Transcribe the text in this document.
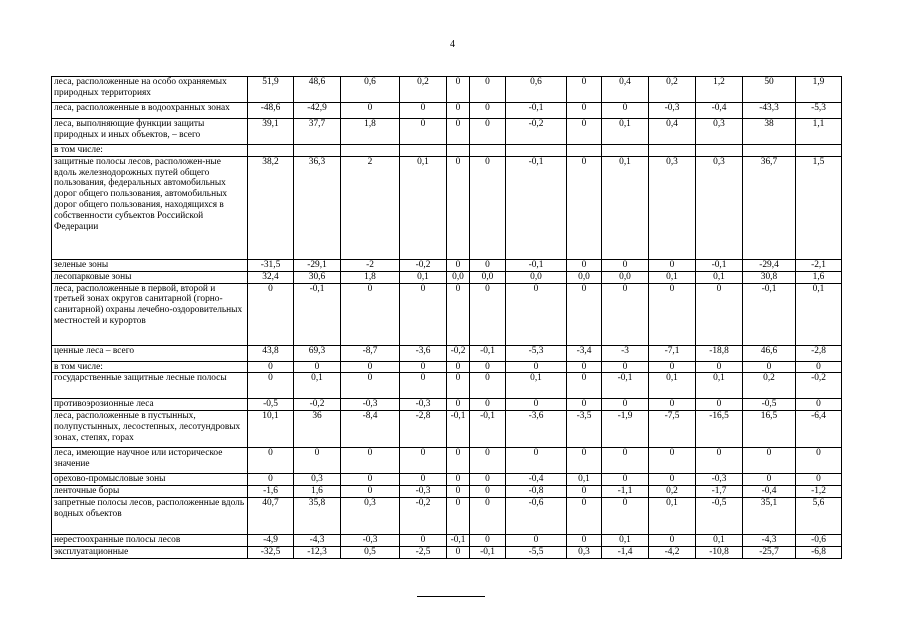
4
леса, расположенные на особо охраняемых природных территориях	51,9	48,6	0,6	0,2	0	0	0,6	0	0,4	0,2	1,2	50	1,9
леса, расположенные в водоохранных зонах	-48,6	-42,9	0	0	0	0	-0,1	0	0	-0,3	-0,4	-43,3	-5,3
леса, выполняющие функции защиты природных и иных объектов, – всего	39,1	37,7	1,8	0	0	0	-0,2	0	0,1	0,4	0,3	38	1,1
в том числе:													
защитные полосы лесов, расположен-ные вдоль железнодорожных путей общего пользования, федеральных автомобильных дорог общего пользования, автомобильных дорог общего пользования, находящихся в собственности субъектов Российской Федерации	38,2	36,3	2	0,1	0	0	-0,1	0	0,1	0,3	0,3	36,7	1,5
зеленые зоны	-31,5	-29,1	-2	-0,2	0	0	-0,1	0	0	0	-0,1	-29,4	-2,1
лесопарковые зоны	32,4	30,6	1,8	0,1	0,0	0,0	0,0	0,0	0,0	0,1	0,1	30,8	1,6
леса, расположенные в первой, второй и третьей зонах округов санитарной (горно-санитарной) охраны лечебно-оздоровительных местностей и курортов	0	-0,1	0	0	0	0	0	0	0	0	0	-0,1	0,1
ценные леса – всего	43,8	69,3	-8,7	-3,6	-0,2	-0,1	-5,3	-3,4	-3	-7,1	-18,8	46,6	-2,8
в том числе:	0	0	0	0	0	0	0	0	0	0	0	0	0
государственные защитные лесные полосы	0	0,1	0	0	0	0	0,1	0	-0,1	0,1	0,1	0,2	-0,2
противоэрозионные леса	-0,5	-0,2	-0,3	-0,3	0	0	0	0	0	0	0	-0,5	0
леса, расположенные в пустынных, полупустынных, лесостепных, лесотундровых зонах, степях, горах	10,1	36	-8,4	-2,8	-0,1	-0,1	-3,6	-3,5	-1,9	-7,5	-16,5	16,5	-6,4
леса, имеющие научное или историческое значение	0	0	0	0	0	0	0	0	0	0	0	0	0
орехово-промысловые зоны	0	0,3	0	0	0	0	-0,4	0,1	0	0	-0,3	0	0
ленточные боры	-1,6	1,6	0	-0,3	0	0	-0,8	0	-1,1	0,2	-1,7	-0,4	-1,2
запретные полосы лесов, расположенные вдоль водных объектов	40,7	35,8	0,3	-0,2	0	0	-0,6	0	0	0,1	-0,5	35,1	5,6
нерестоохранные полосы лесов	-4,9	-4,3	-0,3	0	-0,1	0	0	0	0,1	0	0,1	-4,3	-0,6
эксплуатационные	-32,5	-12,3	0,5	-2,5	0	-0,1	-5,5	0,3	-1,4	-4,2	-10,8	-25,7	-6,8
